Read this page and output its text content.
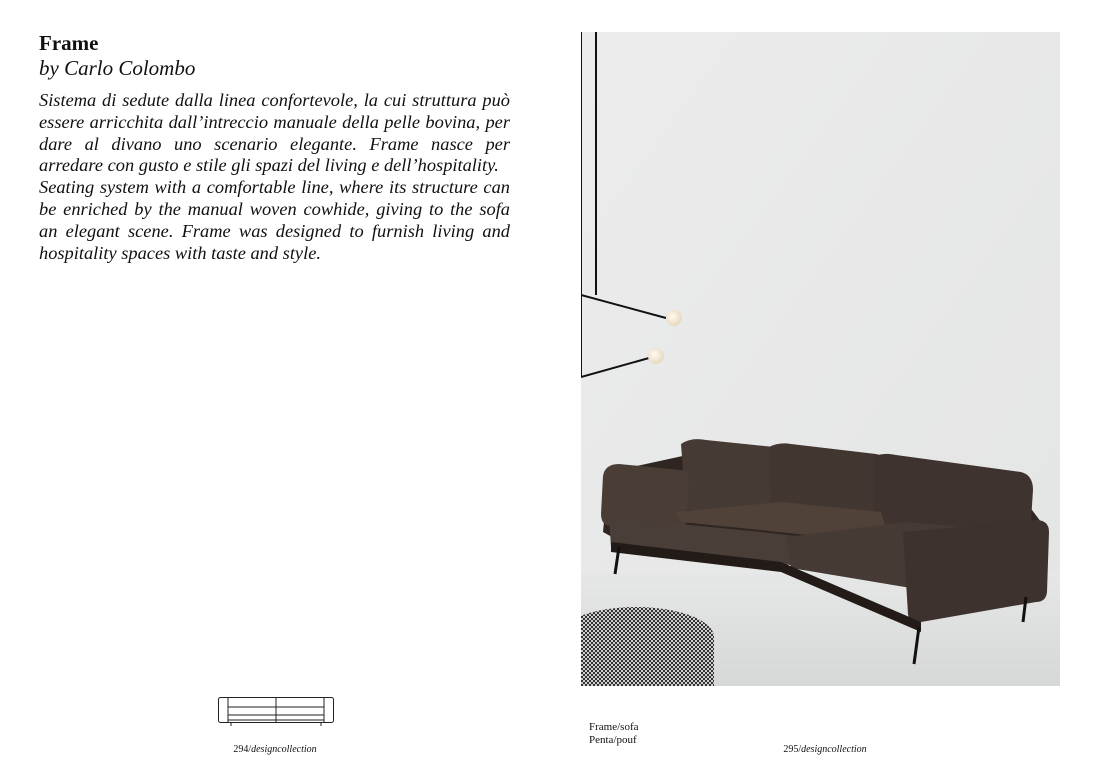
Frame
by Carlo Colombo

Sistema di sedute dalla linea confortevole, la cui struttura può essere arricchita dall’intreccio manuale della pelle bovina, per dare al divano uno scenario elegante. Frame nasce per arredare con gusto e stile gli spazi del living e dell’hospitality.

Seating system with a comfortable line, where its structure can be enriched by the manual woven cowhide, giving to the sofa an elegant scene. Frame was designed to furnish living and hospitality spaces with taste and style.

294/designcollection
Frame/sofa
Penta/pouf
295/designcollection
